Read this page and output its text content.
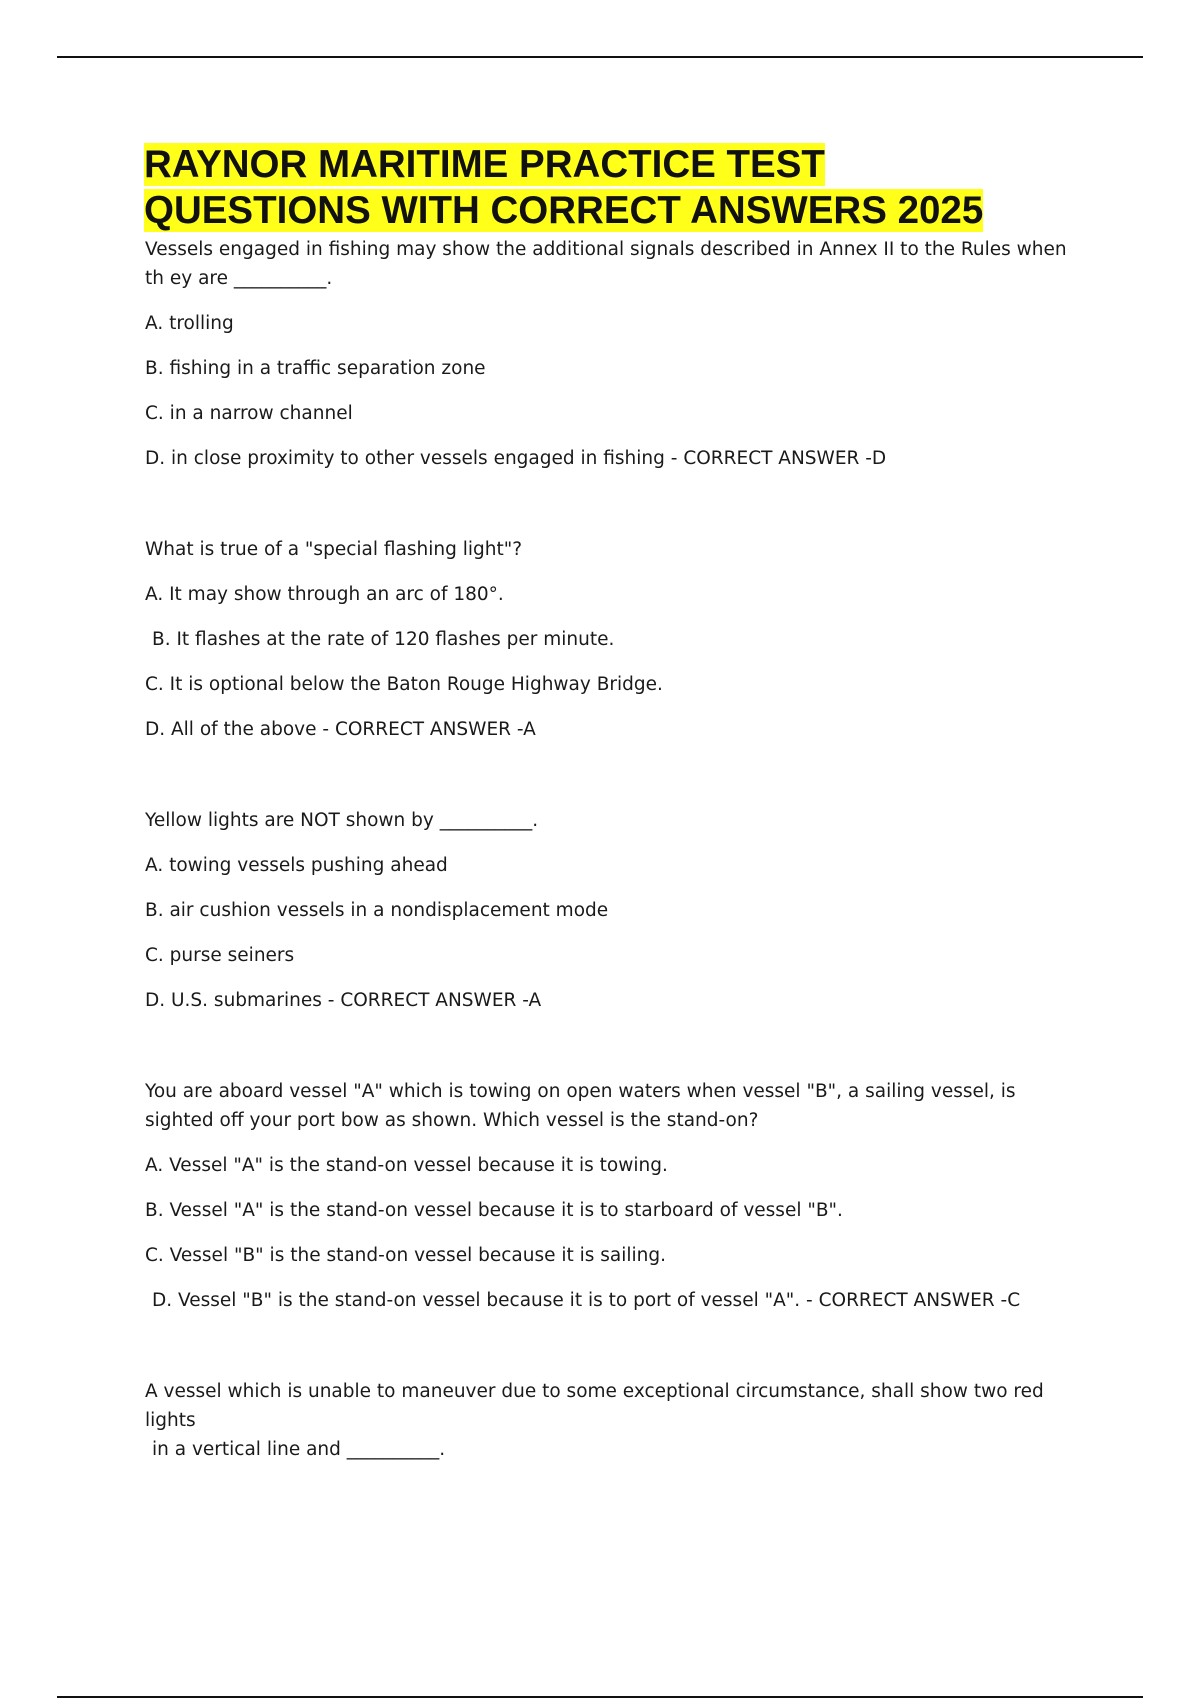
RAYNOR MARITIME PRACTICE TEST
QUESTIONS WITH CORRECT ANSWERS 2025

Vessels engaged in fishing may show the additional signals described in Annex II to the Rules when th ey are __________.

A. trolling

B. fishing in a traffic separation zone

C. in a narrow channel

D. in close proximity to other vessels engaged in fishing - CORRECT ANSWER -D

What is true of a "special flashing light"?

A. It may show through an arc of 180°.

B. It flashes at the rate of 120 flashes per minute.

C. It is optional below the Baton Rouge Highway Bridge.

D. All of the above - CORRECT ANSWER -A

Yellow lights are NOT shown by __________.

A. towing vessels pushing ahead

B. air cushion vessels in a nondisplacement mode

C. purse seiners

D. U.S. submarines - CORRECT ANSWER -A

You are aboard vessel "A" which is towing on open waters when vessel "B", a sailing vessel, is sighted off your port bow as shown. Which vessel is the stand-on?

A. Vessel "A" is the stand-on vessel because it is towing.

B. Vessel "A" is the stand-on vessel because it is to starboard of vessel "B".

C. Vessel "B" is the stand-on vessel because it is sailing.

D. Vessel "B" is the stand-on vessel because it is to port of vessel "A". - CORRECT ANSWER -C

A vessel which is unable to maneuver due to some exceptional circumstance, shall show two red lights

in a vertical line and __________.
